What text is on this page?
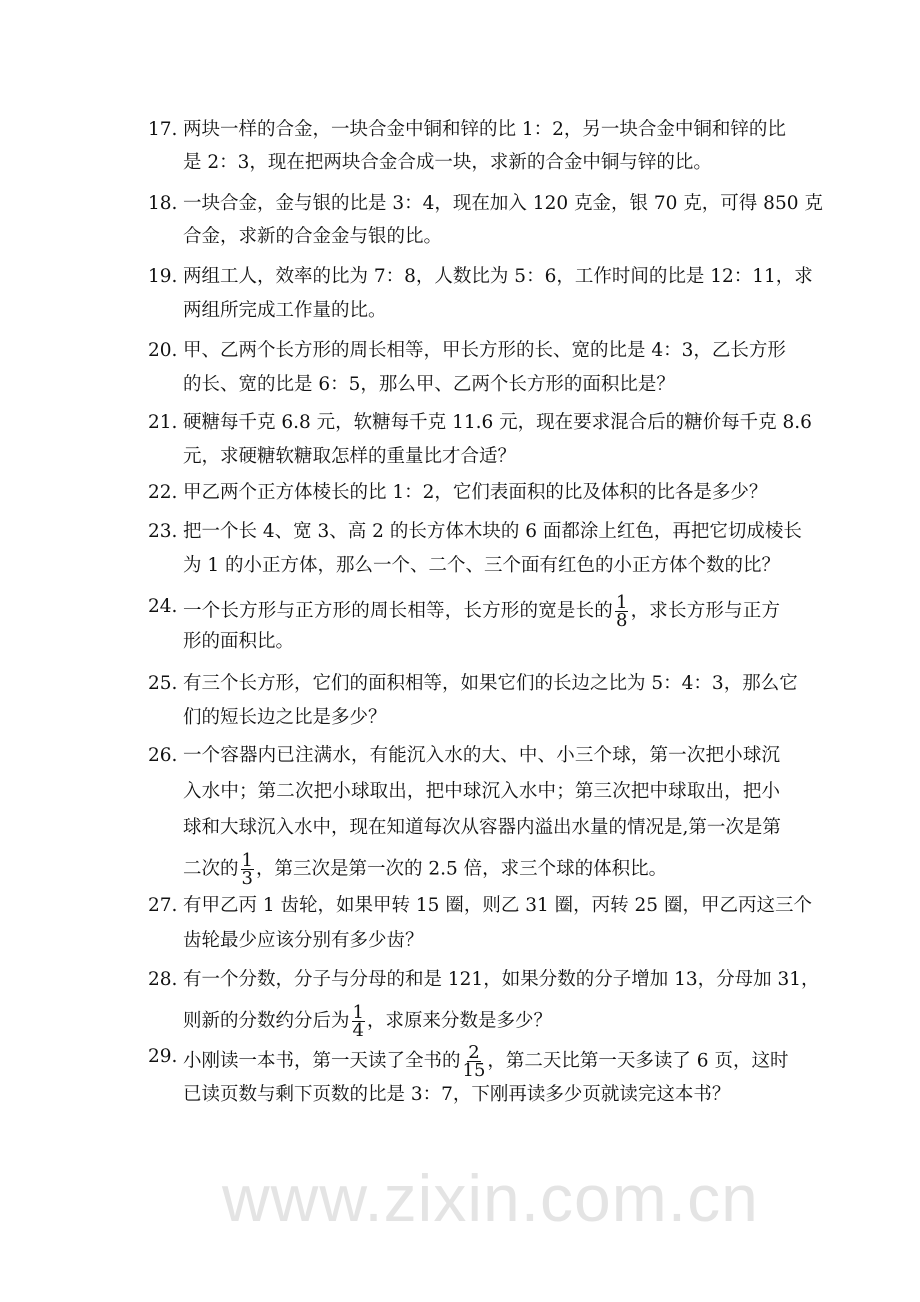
www.zixin.com.cn
17. 两块一样的合金，一块合金中铜和锌的比 1：2，另一块合金中铜和锌的比
是 2：3，现在把两块合金合成一块，求新的合金中铜与锌的比。
18. 一块合金，金与银的比是 3：4，现在加入 120 克金，银 70 克，可得 850 克
合金，求新的合金金与银的比。
19. 两组工人，效率的比为 7：8，人数比为 5：6，工作时间的比是 12：11，求
两组所完成工作量的比。
20. 甲、乙两个长方形的周长相等，甲长方形的长、宽的比是 4：3，乙长方形
的长、宽的比是 6：5，那么甲、乙两个长方形的面积比是？
21. 硬糖每千克 6.8 元，软糖每千克 11.6 元，现在要求混合后的糖价每千克 8.6
元，求硬糖软糖取怎样的重量比才合适？
22. 甲乙两个正方体棱长的比 1：2，它们表面积的比及体积的比各是多少？
23. 把一个长 4、宽 3、高 2 的长方体木块的 6 面都涂上红色，再把它切成棱长
为 1 的小正方体，那么一个、二个、三个面有红色的小正方体个数的比？
24. 一个长方形与正方形的周长相等，长方形的宽是长的 $\frac{1}{8}$ ，求长方形与正方
形的面积比。
25. 有三个长方形，它们的面积相等，如果它们的长边之比为 5：4：3，那么它
们的短长边之比是多少？
26. 一个容器内已注满水，有能沉入水的大、中、小三个球，第一次把小球沉
入水中；第二次把小球取出，把中球沉入水中；第三次把中球取出，把小
球和大球沉入水中，现在知道每次从容器内溢出水量的情况是,第一次是第
二次的 $\frac{1}{3}$ ，第三次是第一次的 2.5 倍，求三个球的体积比。
27. 有甲乙丙 1 齿轮，如果甲转 15 圈，则乙 31 圈，丙转 25 圈，甲乙丙这三个
齿轮最少应该分别有多少齿？
28. 有一个分数，分子与分母的和是 121，如果分数的分子增加 13，分母加 31，
则新的分数约分后为 $\frac{1}{4}$ ，求原来分数是多少？
29. 小刚读一本书，第一天读了全书的 $\frac{2}{15}$ ，第二天比第一天多读了 6 页，这时
已读页数与剩下页数的比是 3：7，下刚再读多少页就读完这本书？
